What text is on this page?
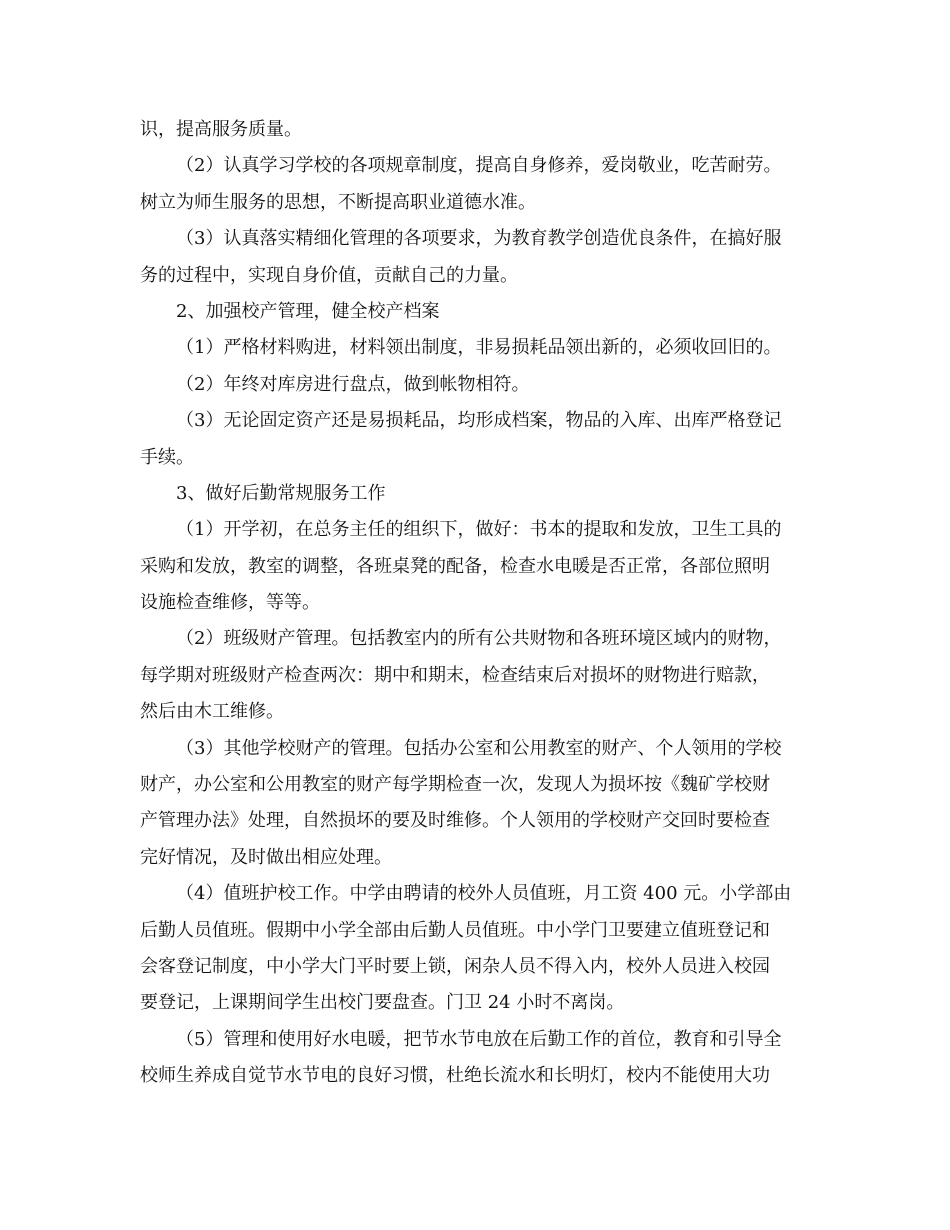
识，提高服务质量。
（2）认真学习学校的各项规章制度，提高自身修养，爱岗敬业，吃苦耐劳。
树立为师生服务的思想，不断提高职业道德水准。
（3）认真落实精细化管理的各项要求，为教育教学创造优良条件，在搞好服
务的过程中，实现自身价值，贡献自己的力量。
2、加强校产管理，健全校产档案
（1）严格材料购进，材料领出制度，非易损耗品领出新的，必须收回旧的。
（2）年终对库房进行盘点，做到帐物相符。
（3）无论固定资产还是易损耗品，均形成档案，物品的入库、出库严格登记
手续。
3、做好后勤常规服务工作
（1）开学初，在总务主任的组织下，做好：书本的提取和发放，卫生工具的
采购和发放，教室的调整，各班桌凳的配备，检查水电暖是否正常，各部位照明
设施检查维修，等等。
（2）班级财产管理。包括教室内的所有公共财物和各班环境区域内的财物，
每学期对班级财产检查两次：期中和期末，检查结束后对损坏的财物进行赔款，
然后由木工维修。
（3）其他学校财产的管理。包括办公室和公用教室的财产、个人领用的学校
财产，办公室和公用教室的财产每学期检查一次，发现人为损坏按《魏矿学校财
产管理办法》处理，自然损坏的要及时维修。个人领用的学校财产交回时要检查
完好情况，及时做出相应处理。
（4）值班护校工作。中学由聘请的校外人员值班，月工资 400 元。小学部由
后勤人员值班。假期中小学全部由后勤人员值班。中小学门卫要建立值班登记和
会客登记制度，中小学大门平时要上锁，闲杂人员不得入内，校外人员进入校园
要登记，上课期间学生出校门要盘查。门卫 24 小时不离岗。
（5）管理和使用好水电暖，把节水节电放在后勤工作的首位，教育和引导全
校师生养成自觉节水节电的良好习惯，杜绝长流水和长明灯，校内不能使用大功
